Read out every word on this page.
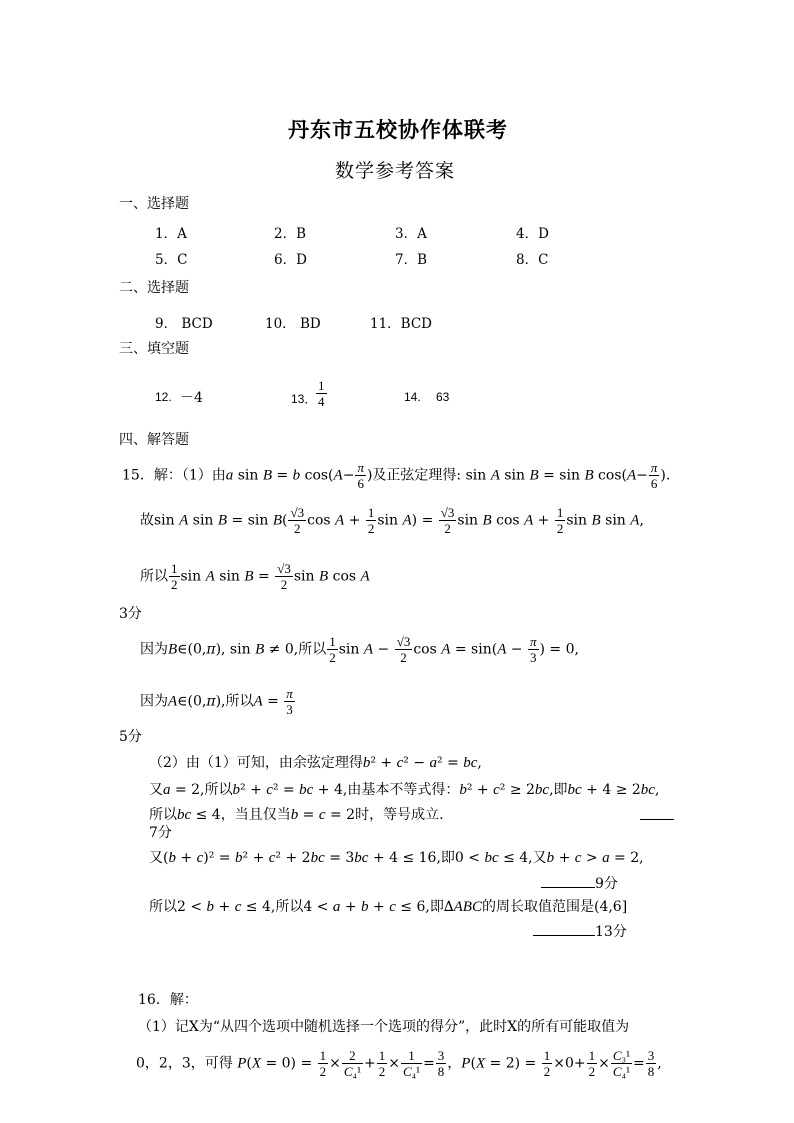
丹东市五校协作体联考
数学参考答案
一、选择题
1．A	2．B	3．A	4．D
5．C	6．D	7．B	8．C
二、选择题
9． BCD	10． BD	11．BCD
三、填空题
12. －4	13． $\frac{1}{4}$	14. 63
四、解答题
15．解：（1）由a sin B = b $\cos(A- \frac{\pi}{6}$ )及正弦定理得: sin A sin B = sin B $\cos(A- \frac{\pi}{6}$ ).
故sin A $\sin B = \sin B( \frac{√3}{2}$ $\cos A + \frac{1}{2}$ $\sin A) = \frac{√3}{2}$ sin B $\cos A + \frac{1}{2}$ sin B sin A,
所以 $\frac{1}{2}$ sin A $\sin B = \frac{√3}{2}$ sin B cos A
3分
因为B∈(0,π), sin B ≠ 0,所以 $\frac{1}{2}$ $\sin A - \frac{√3}{2}$ $\cos A = \sin(A - \frac{\pi}{3}$ ) = 0,
因为A∈(0,π),所以$A = \frac{\pi}{3}$
5分
（2）由（1）可知，由余弦定理得b² + c² − a² = bc,
又a = 2,所以b² + c² = bc + 4,由基本不等式得：b² + c² ≥ 2bc,即bc + 4 ≥ 2bc,
所以bc ≤ 4，当且仅当b = c = 2时，等号成立.
7分
又(b + c)² = b² + c² + 2bc = 3bc + 4 ≤ 16,即0 < bc ≤ 4,又b + c > a = 2,
9分
所以2 < b + c ≤ 4,所以4 < a + b + c ≤ 6,即∆ABC的周长取值范围是(4,6]
13分
16．解：
（1）记X为“从四个选项中随机选择一个选项的得分”，此时X的所有可能取值为
0，2，3，可得 $P(X = 0) = \frac{1}{2} \times \frac{2}{\text{C₄¹}} + \frac{1}{2} \times \frac{1}{\text{C₄¹}} = \frac{3}{8}$ ，$P(X = 2) = \frac{1}{2} \times 0+ \frac{1}{2} \times \frac{\text{C₃¹}}{\text{C₄¹}} = \frac{3}{8}$ ,
